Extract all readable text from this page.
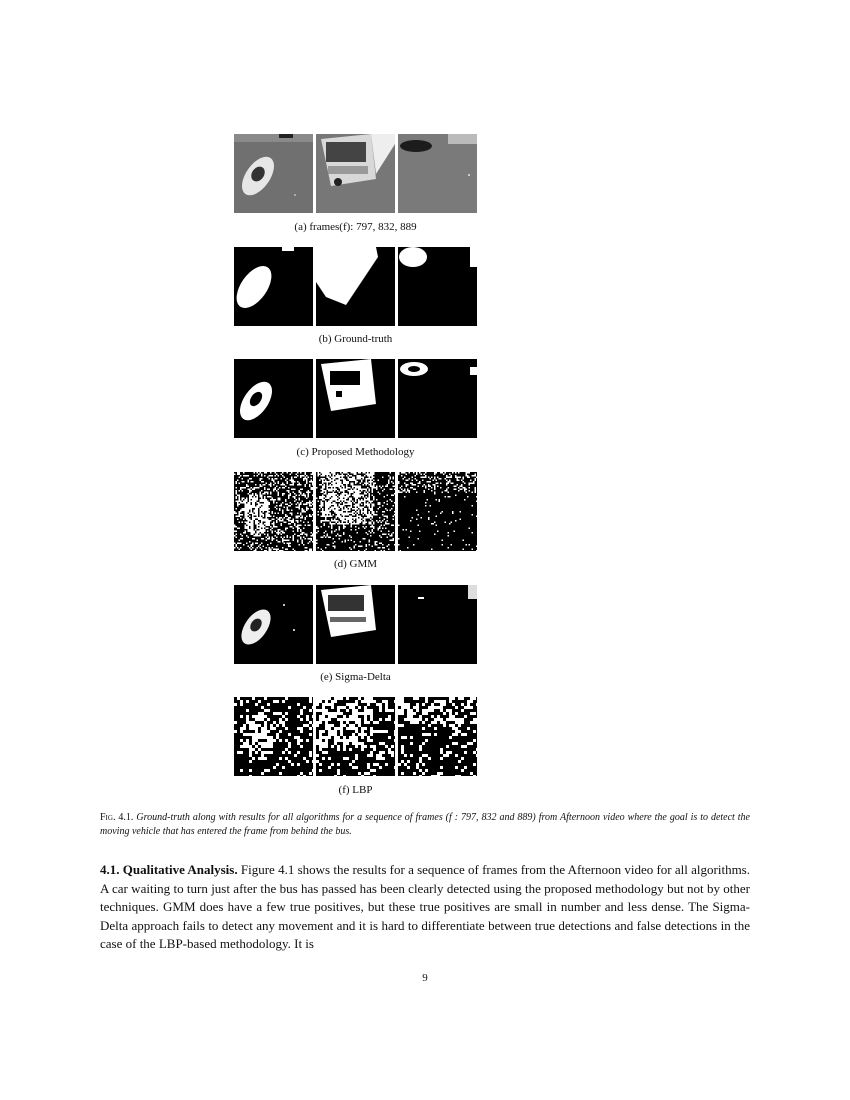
(a) frames(f): 797, 832, 889
(b) Ground-truth
(c) Proposed Methodology
(d) GMM
(e) Sigma-Delta
(f) LBP
Fig. 4.1. Ground-truth along with results for all algorithms for a sequence of frames (f : 797, 832 and 889) from Afternoon video where the goal is to detect the moving vehicle that has entered the frame from behind the bus.
4.1. Qualitative Analysis. Figure 4.1 shows the results for a sequence of frames from the Afternoon video for all algorithms. A car waiting to turn just after the bus has passed has been clearly detected using the proposed methodology but not by other techniques. GMM does have a few true positives, but these true positives are small in number and less dense. The Sigma-Delta approach fails to detect any movement and it is hard to differentiate between true detections and false detections in the case of the LBP-based methodology. It is
9
